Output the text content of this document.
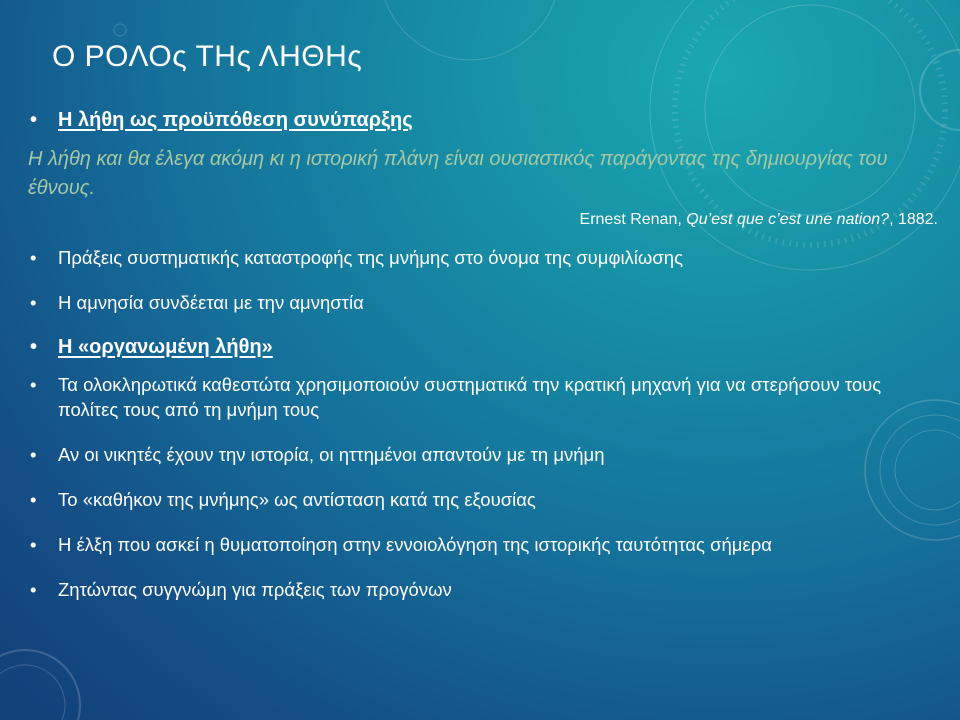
Ο ΡΟΛΟς ΤΗς ΛΗΘΗς
• Η λήθη ως προϋπόθεση συνύπαρξης
Η λήθη και θα έλεγα ακόμη κι η ιστορική πλάνη είναι ουσιαστικός παράγοντας της δημιουργίας του έθνους.
Ernest Renan, Qu’est que c’est une nation?, 1882.
• Πράξεις συστηματικής καταστροφής της μνήμης στο όνομα της συμφιλίωσης
• Η αμνησία συνδέεται με την αμνηστία
• Η «οργανωμένη λήθη»
• Τα ολοκληρωτικά καθεστώτα χρησιμοποιούν συστηματικά την κρατική μηχανή για να στερήσουν τους πολίτες τους από τη μνήμη τους
• Αν οι νικητές έχουν την ιστορία, οι ηττημένοι απαντούν με τη μνήμη
• Το «καθήκον της μνήμης» ως αντίσταση κατά της εξουσίας
• Η έλξη που ασκεί η θυματοποίηση στην εννοιολόγηση της ιστορικής ταυτότητας σήμερα
• Ζητώντας συγγνώμη για πράξεις των προγόνων
